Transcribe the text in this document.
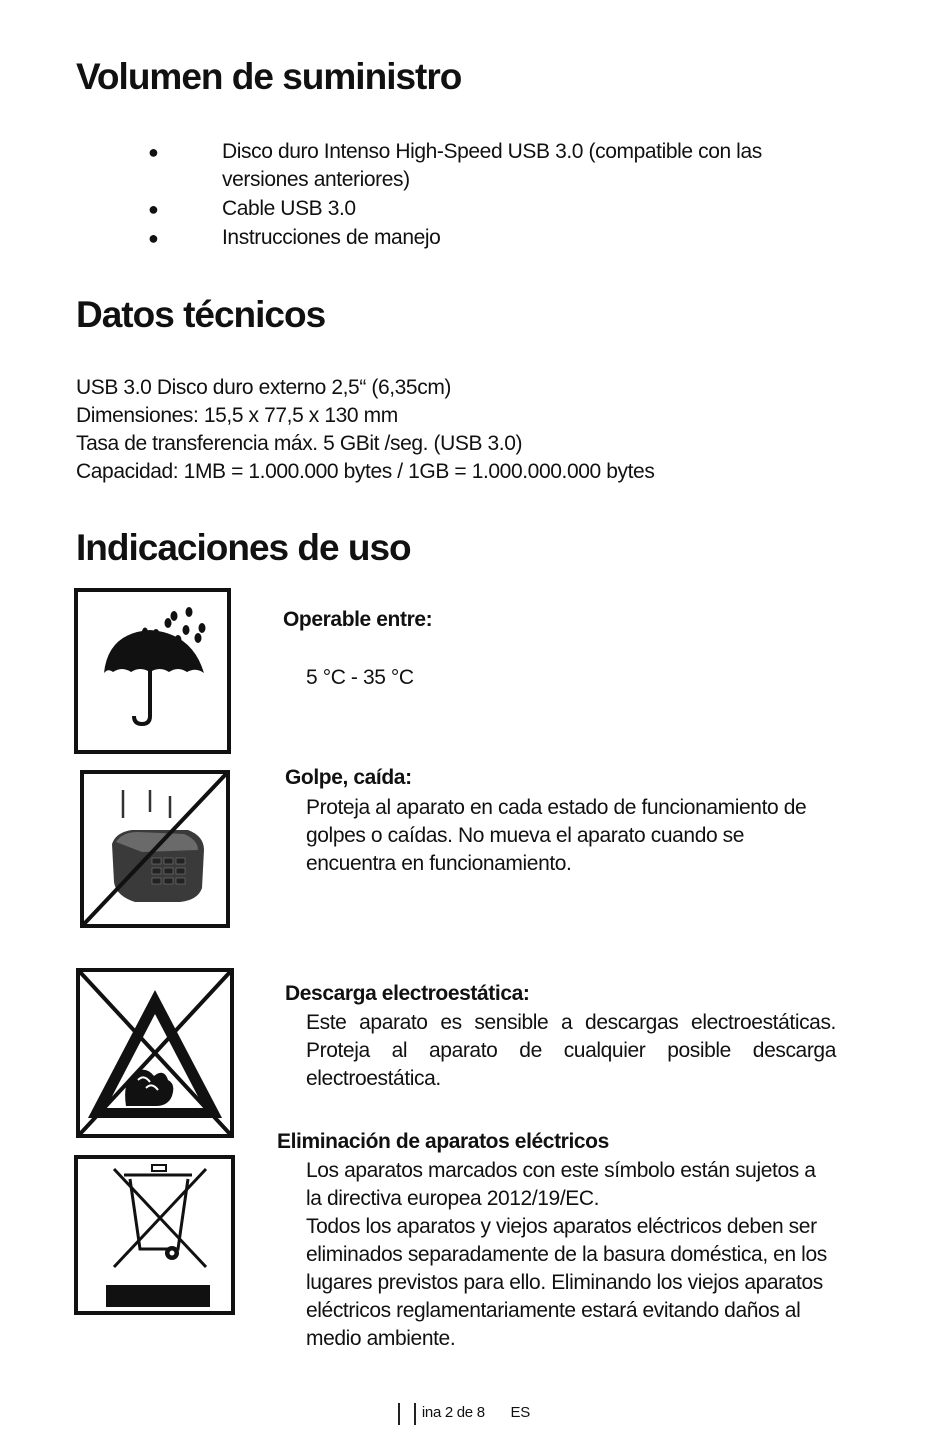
Volumen de suministro
●	Disco duro Intenso High-Speed USB 3.0 (compatible con las versiones anteriores)
●	Cable USB 3.0
●	Instrucciones de manejo
Datos técnicos
USB 3.0 Disco duro externo 2,5“ (6,35cm)
Dimensiones: 15,5 x 77,5 x 130 mm
Tasa de transferencia máx. 5 GBit /seg. (USB 3.0)
Capacidad: 1MB = 1.000.000 bytes / 1GB = 1.000.000.000 bytes
Indicaciones de uso
Operable entre:
5 °C - 35 °C
Golpe, caída:
Proteja al aparato en cada estado de funcionamiento de golpes o caídas. No mueva el aparato cuando se encuentra en funcionamiento.
Descarga electroestática:
Este aparato es sensible a descargas electroestáticas. Proteja al aparato de cualquier posible descarga electroestática.
Eliminación de aparatos eléctricos
Los aparatos marcados con este símbolo están sujetos a la directiva europea 2012/19/EC.
Todos los aparatos y viejos aparatos eléctricos deben ser eliminados separadamente de la basura doméstica, en los lugares previstos para ello. Eliminando los viejos aparatos eléctricos reglamentariamente estará evitando daños al medio ambiente.
ina 2 de 8 ES
